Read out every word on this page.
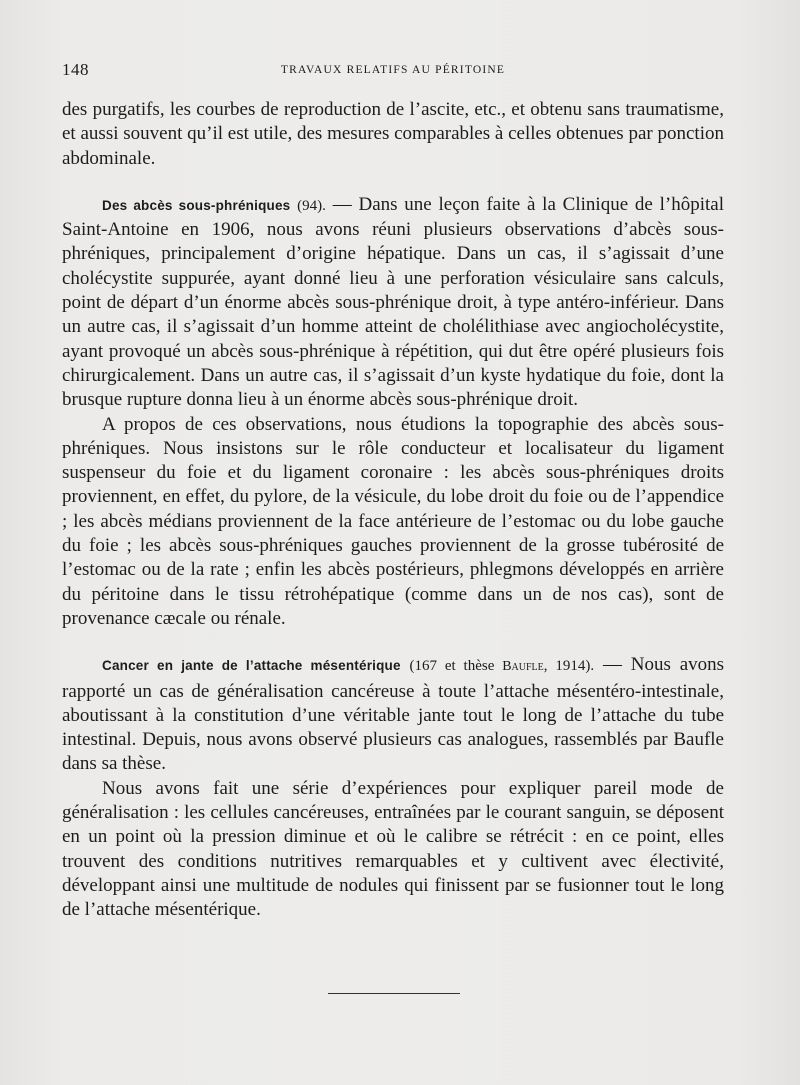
148	TRAVAUX RELATIFS AU PÉRITOINE

des purgatifs, les courbes de reproduction de l’ascite, etc., et obtenu sans traumatisme, et aussi souvent qu’il est utile, des mesures comparables à celles obtenues par ponction abdominale.

Des abcès sous-phréniques (94). — Dans une leçon faite à la Clinique de l’hôpital Saint-Antoine en 1906, nous avons réuni plusieurs observations d’abcès sous-phréniques, principalement d’origine hépatique. Dans un cas, il s’agissait d’une cholécystite suppurée, ayant donné lieu à une perforation vésiculaire sans calculs, point de départ d’un énorme abcès sous-phrénique droit, à type antéro-inférieur. Dans un autre cas, il s’agissait d’un homme atteint de cholélithiase avec angiocholécystite, ayant provoqué un abcès sous-phrénique à répétition, qui dut être opéré plusieurs fois chirurgicalement. Dans un autre cas, il s’agissait d’un kyste hydatique du foie, dont la brusque rupture donna lieu à un énorme abcès sous-phrénique droit.

A propos de ces observations, nous étudions la topographie des abcès sous-phréniques. Nous insistons sur le rôle conducteur et localisateur du ligament suspenseur du foie et du ligament coronaire : les abcès sous-phréniques droits proviennent, en effet, du pylore, de la vésicule, du lobe droit du foie ou de l’appendice ; les abcès médians proviennent de la face antérieure de l’estomac ou du lobe gauche du foie ; les abcès sous-phréniques gauches proviennent de la grosse tubérosité de l’estomac ou de la rate ; enfin les abcès postérieurs, phlegmons développés en arrière du péritoine dans le tissu rétrohépatique (comme dans un de nos cas), sont de provenance cæcale ou rénale.

Cancer en jante de l’attache mésentérique (167 et thèse Baufle, 1914). — Nous avons rapporté un cas de généralisation cancéreuse à toute l’attache mésentéro-intestinale, aboutissant à la constitution d’une véritable jante tout le long de l’attache du tube intestinal. Depuis, nous avons observé plusieurs cas analogues, rassemblés par Baufle dans sa thèse.

Nous avons fait une série d’expériences pour expliquer pareil mode de généralisation : les cellules cancéreuses, entraînées par le courant sanguin, se déposent en un point où la pression diminue et où le calibre se rétrécit : en ce point, elles trouvent des conditions nutritives remarquables et y cultivent avec électivité, développant ainsi une multitude de nodules qui finissent par se fusionner tout le long de l’attache mésentérique.
